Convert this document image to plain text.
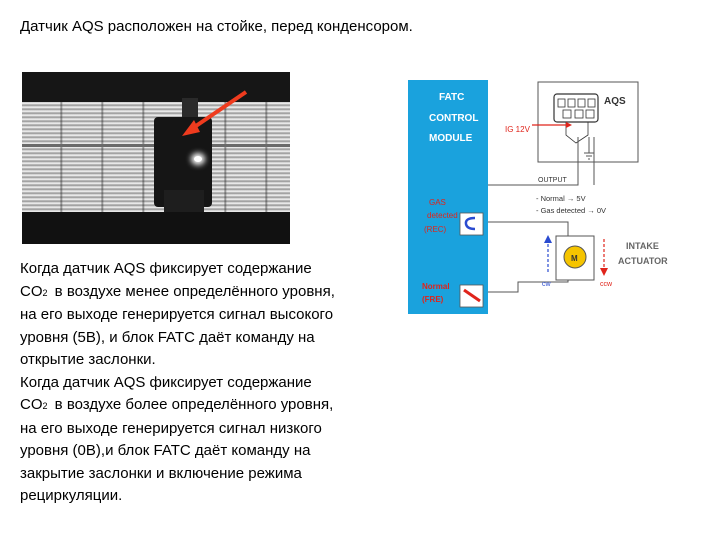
Датчик AQS расположен на стойке, перед конденсором.

Когда датчик AQS фиксирует содержание

CO2 в воздухе менее определённого уровня,

на его выходе генерируется сигнал высокого

уровня (5В), и блок FATC даёт команду на

открытие заслонки.

Когда датчик AQS фиксирует содержание

CO2 в воздухе более определённого уровня,

на его выходе генерируется сигнал низкого

уровня (0В),и блок FATC даёт команду на

закрытие заслонки и включение режима

рециркуляции.

FATC
CONTROL
MODULE
GAS
detected
(REC)
Normal
(FRE)
AQS
IG 12V
OUTPUT
- Normal → 5V
- Gas detected → 0V
M
cw	ccw
INTAKE
ACTUATOR
